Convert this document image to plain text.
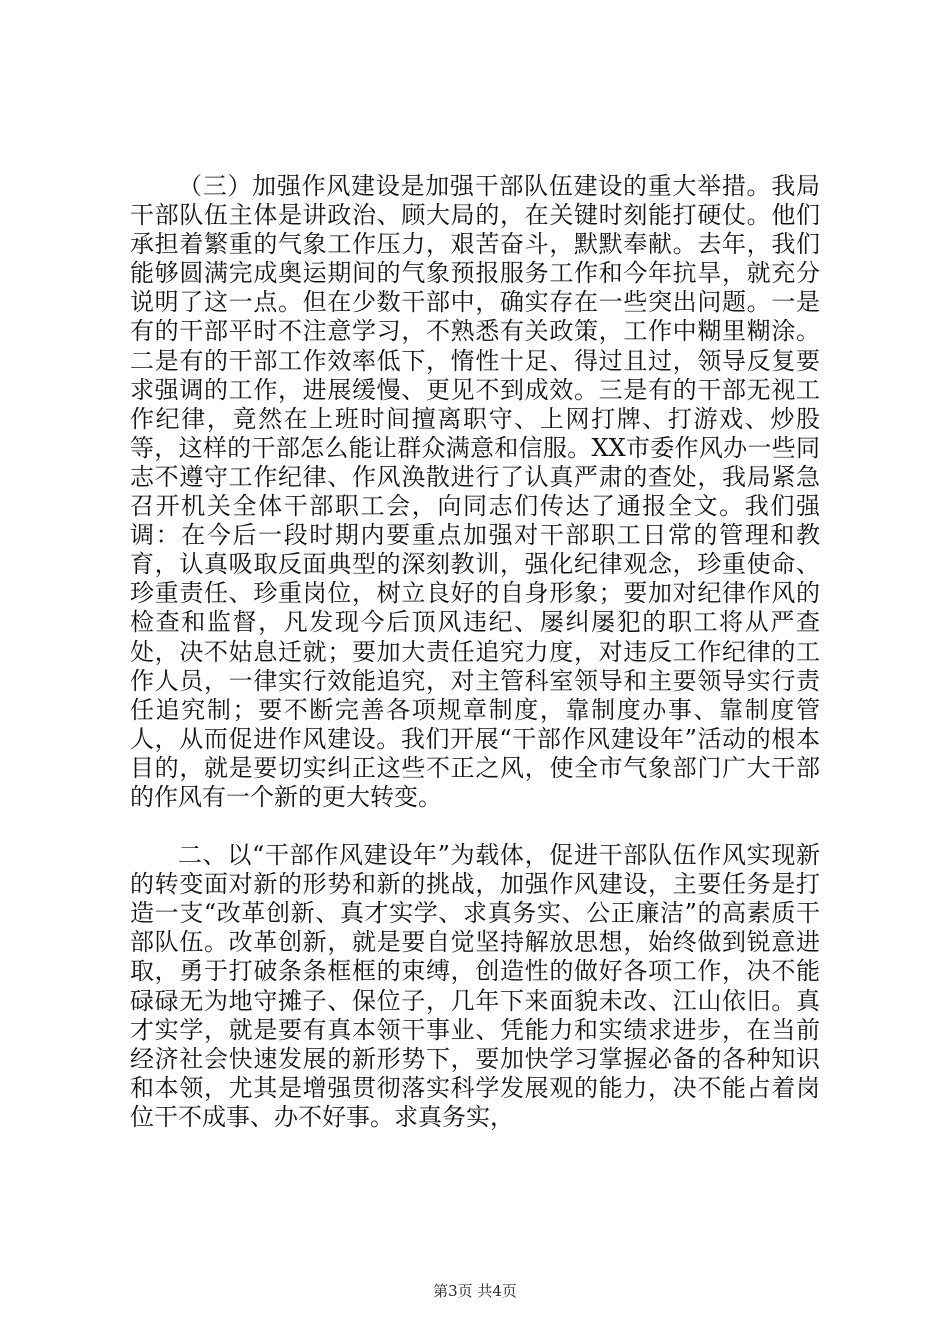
（三）加强作风建设是加强干部队伍建设的重大举措。我局干部队伍主体是讲政治、顾大局的，在关键时刻能打硬仗。他们承担着繁重的气象工作压力，艰苦奋斗，默默奉献。去年，我们能够圆满完成奥运期间的气象预报服务工作和今年抗旱，就充分说明了这一点。但在少数干部中，确实存在一些突出问题。一是有的干部平时不注意学习，不熟悉有关政策，工作中糊里糊涂。二是有的干部工作效率低下，惰性十足、得过且过，领导反复要求强调的工作，进展缓慢、更见不到成效。三是有的干部无视工作纪律，竟然在上班时间擅离职守、上网打牌、打游戏、炒股等，这样的干部怎么能让群众满意和信服。XX市委作风办一些同志不遵守工作纪律、作风涣散进行了认真严肃的查处，我局紧急召开机关全体干部职工会，向同志们传达了通报全文。我们强调：在今后一段时期内要重点加强对干部职工日常的管理和教育，认真吸取反面典型的深刻教训，强化纪律观念，珍重使命、珍重责任、珍重岗位，树立良好的自身形象；要加对纪律作风的检查和监督，凡发现今后顶风违纪、屡纠屡犯的职工将从严查处，决不姑息迁就；要加大责任追究力度，对违反工作纪律的工作人员，一律实行效能追究，对主管科室领导和主要领导实行责任追究制；要不断完善各项规章制度，靠制度办事、靠制度管人，从而促进作风建设。我们开展“干部作风建设年”活动的根本目的，就是要切实纠正这些不正之风，使全市气象部门广大干部的作风有一个新的更大转变。

二、以“干部作风建设年”为载体，促进干部队伍作风实现新的转变面对新的形势和新的挑战，加强作风建设，主要任务是打造一支“改革创新、真才实学、求真务实、公正廉洁”的高素质干部队伍。改革创新，就是要自觉坚持解放思想，始终做到锐意进取，勇于打破条条框框的束缚，创造性的做好各项工作，决不能碌碌无为地守摊子、保位子，几年下来面貌未改、江山依旧。真才实学，就是要有真本领干事业、凭能力和实绩求进步，在当前经济社会快速发展的新形势下，要加快学习掌握必备的各种知识和本领，尤其是增强贯彻落实科学发展观的能力，决不能占着岗位干不成事、办不好事。求真务实，

第3页 共4页
